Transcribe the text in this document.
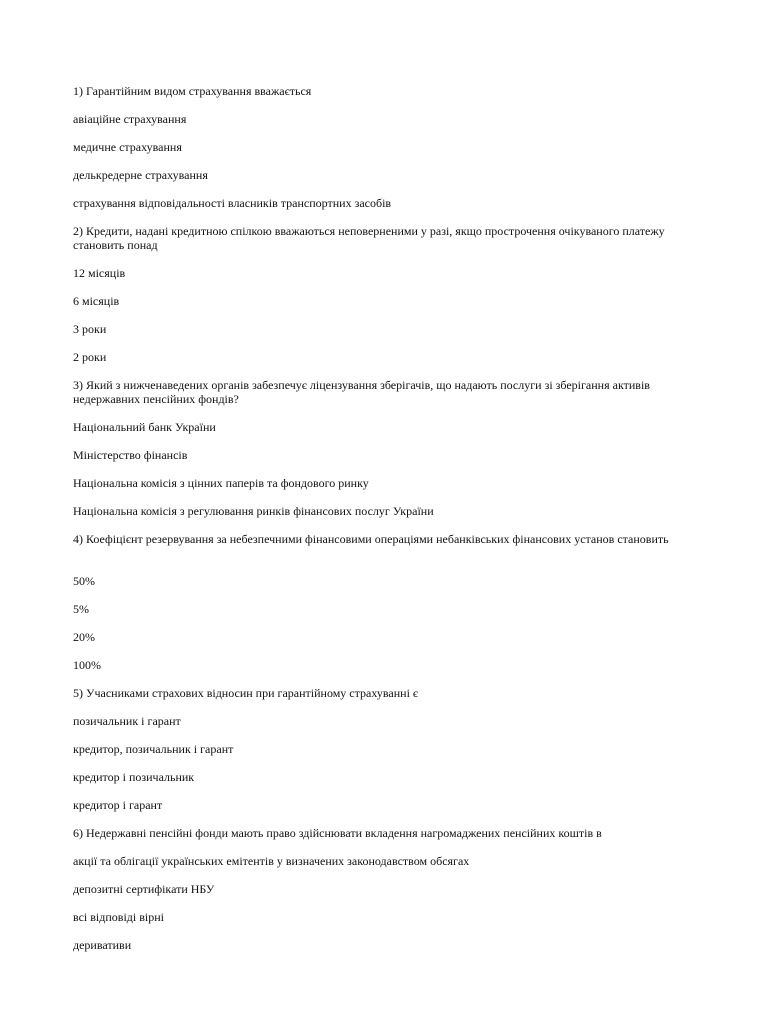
1) Гарантійним видом страхування вважається
авіаційне страхування
медичне страхування
делькредерне страхування
страхування відповідальності власників транспортних засобів
2) Кредити, надані кредитною спілкою вважаються неповерненими у разі, якщо прострочення очікуваного платежу становить понад
12 місяців
6 місяців
3 роки
2 роки
3) Який з нижченаведених органів забезпечує ліцензування зберігачів, що надають послуги зі зберігання активів недержавних пенсійних фондів?
Національний банк України
Міністерство фінансів
Національна комісія з цінних паперів та фондового ринку
Національна комісія з регулювання ринків фінансових послуг України
4) Коефіцієнт резервування за небезпечними фінансовими операціями небанківських фінансових установ становить
50%
5%
20%
100%
5) Учасниками страхових відносин при гарантійному страхуванні є
позичальник і гарант
кредитор, позичальник і гарант
кредитор і позичальник
кредитор і гарант
6) Недержавні пенсійні фонди мають право здійснювати вкладення нагромаджених пенсійних коштів в
акції та облігації українських емітентів у визначених законодавством обсягах
депозитні сертифікати НБУ
всі відповіді вірні
деривативи
